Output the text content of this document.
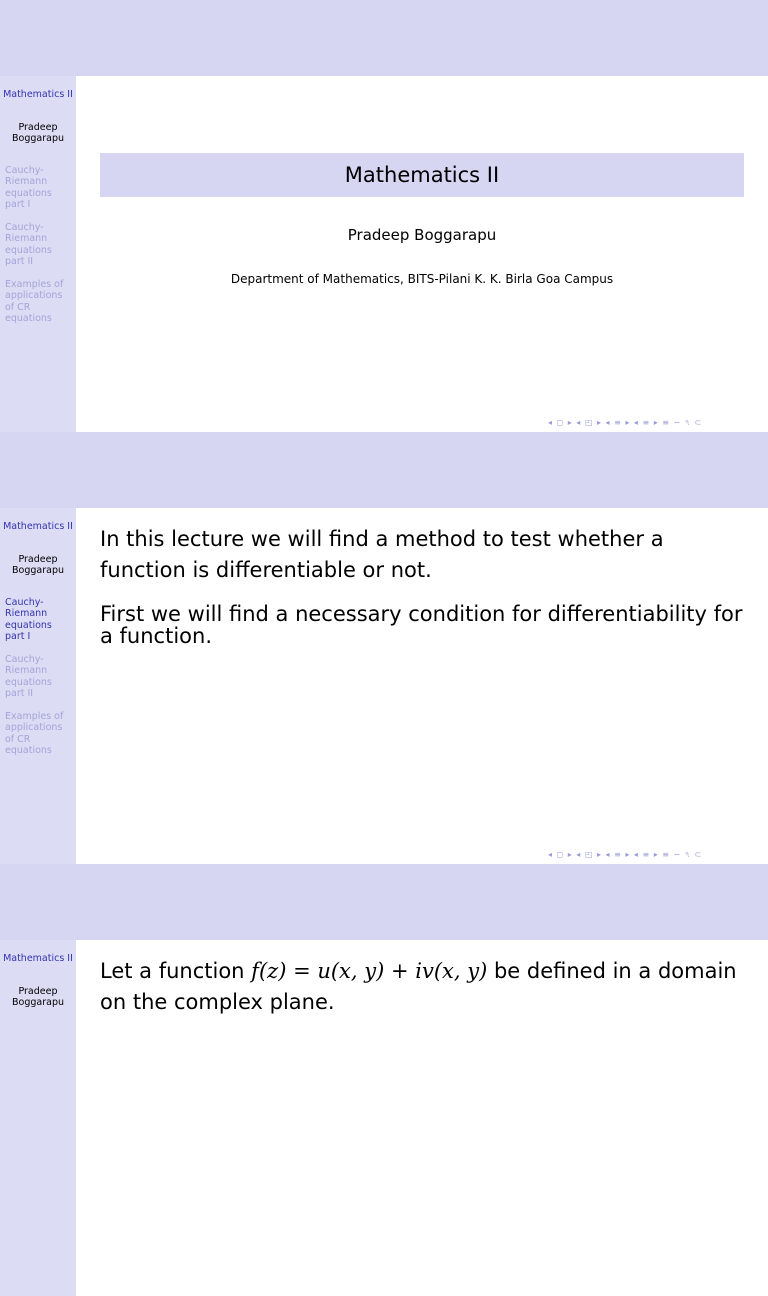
Mathematics II
Pradeep Boggarapu
Cauchy-Riemann equations part I
Cauchy-Riemann equations part II
Examples of applications of CR equations
Mathematics II
Pradeep Boggarapu
Department of Mathematics, BITS-Pilani K. K. Birla Goa Campus
◂ ◻ ▸ ◂ ◰ ▸ ◂ ≡ ▸ ◂ ≡ ▸ ≡ ∽ ৭ ⊂
Mathematics II
Pradeep Boggarapu
Cauchy-Riemann equations part I
Cauchy-Riemann equations part II
Examples of applications of CR equations
◂ ◻ ▸ ◂ ◰ ▸ ◂ ≡ ▸ ◂ ≡ ▸ ≡ ∽ ৭ ⊂
In this lecture we will find a method to test whether a function is differentiable or not.
First we will find a necessary condition for differentiability for a function.
Mathematics II
Pradeep Boggarapu
Let a function f(z) = u(x, y) + iv(x, y) be defined in a domain on the complex plane.
